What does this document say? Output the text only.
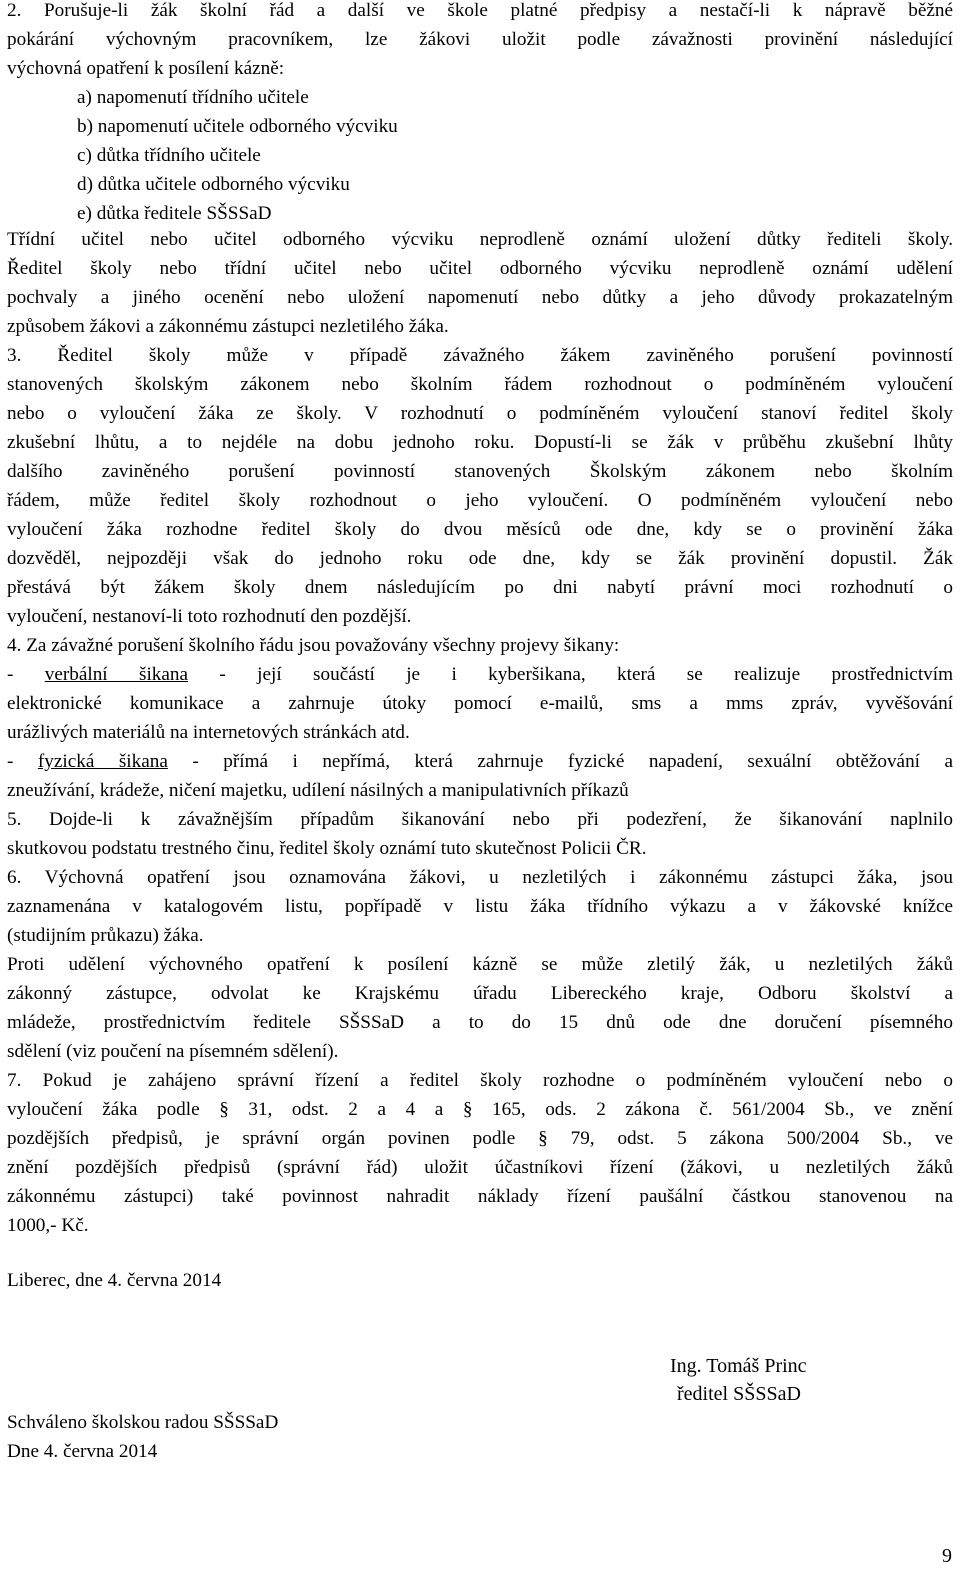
2. Porušuje-li žák školní řád a další ve škole platné předpisy a nestačí-li k nápravě běžné
pokárání výchovným pracovníkem, lze žákovi uložit podle závažnosti provinění následující
výchovná opatření k posílení kázně:
a) napomenutí třídního učitele
b) napomenutí učitele odborného výcviku
c) důtka třídního učitele
d) důtka učitele odborného výcviku
e) důtka ředitele SŠSSaD
Třídní učitel nebo učitel odborného výcviku neprodleně oznámí uložení důtky řediteli školy.
Ředitel školy nebo třídní učitel nebo učitel odborného výcviku neprodleně oznámí udělení
pochvaly a jiného ocenění nebo uložení napomenutí nebo důtky a jeho důvody prokazatelným
způsobem žákovi a zákonnému zástupci nezletilého žáka.
3. Ředitel školy může v případě závažného žákem zaviněného porušení povinností
stanovených školským zákonem nebo školním řádem rozhodnout o podmíněném vyloučení
nebo o vyloučení žáka ze školy. V rozhodnutí o podmíněném vyloučení stanoví ředitel školy
zkušební lhůtu, a to nejdéle na dobu jednoho roku. Dopustí-li se žák v průběhu zkušební lhůty
dalšího zaviněného porušení povinností stanovených Školským zákonem nebo školním
řádem, může ředitel školy rozhodnout o jeho vyloučení. O podmíněném vyloučení nebo
vyloučení žáka rozhodne ředitel školy do dvou měsíců ode dne, kdy se o provinění žáka
dozvěděl, nejpozději však do jednoho roku ode dne, kdy se žák provinění dopustil. Žák
přestává být žákem školy dnem následujícím po dni nabytí právní moci rozhodnutí o
vyloučení, nestanoví-li toto rozhodnutí den pozdější.
4. Za závažné porušení školního řádu jsou považovány všechny projevy šikany:
- verbální šikana - její součástí je i kyberšikana, která se realizuje prostřednictvím
elektronické komunikace a zahrnuje útoky pomocí e-mailů, sms a mms zpráv, vyvěšování
urážlivých materiálů na internetových stránkách atd.
- fyzická šikana - přímá i nepřímá, která zahrnuje fyzické napadení, sexuální obtěžování a
zneužívání, krádeže, ničení majetku, udílení násilných a manipulativních příkazů
5. Dojde-li k závažnějším případům šikanování nebo při podezření, že šikanování naplnilo
skutkovou podstatu trestného činu, ředitel školy oznámí tuto skutečnost Policii ČR.
6. Výchovná opatření jsou oznamována žákovi, u nezletilých i zákonnému zástupci žáka, jsou
zaznamenána v katalogovém listu, popřípadě v listu žáka třídního výkazu a v žákovské knížce
(studijním průkazu) žáka.
Proti udělení výchovného opatření k posílení kázně se může zletilý žák, u nezletilých žáků
zákonný zástupce, odvolat ke Krajskému úřadu Libereckého kraje, Odboru školství a
mládeže, prostřednictvím ředitele SŠSSaD a to do 15 dnů ode dne doručení písemného
sdělení (viz poučení na písemném sdělení).
7. Pokud je zahájeno správní řízení a ředitel školy rozhodne o podmíněném vyloučení nebo o
vyloučení žáka podle § 31, odst. 2 a 4 a § 165, ods. 2 zákona č. 561/2004 Sb., ve znění
pozdějších předpisů, je správní orgán povinen podle § 79, odst. 5 zákona 500/2004 Sb., ve
znění pozdějších předpisů (správní řád) uložit účastníkovi řízení (žákovi, u nezletilých žáků
zákonnému zástupci) také povinnost nahradit náklady řízení paušální částkou stanovenou na
1000,- Kč.
Liberec, dne 4. června 2014
Ing. Tomáš Princ
ředitel SŠSSaD
Schváleno školskou radou SŠSSaD
Dne 4. června 2014
9
